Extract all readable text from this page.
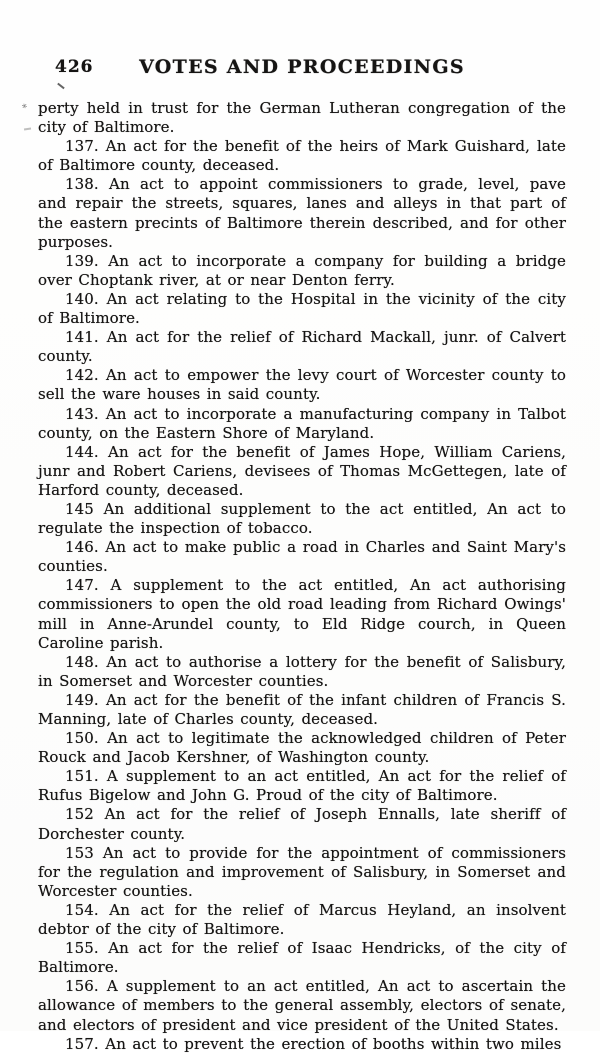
⁎
426	VOTES AND PROCEEDINGS

perty held in trust for the German Lutheran congregation of the city of Baltimore.

137. An act for the benefit of the heirs of Mark Guishard, late of Baltimore county, deceased.

138. An act to appoint commissioners to grade, level, pave and repair the streets, squares, lanes and alleys in that part of the eastern precints of Baltimore therein described, and for other purposes.

139. An act to incorporate a company for building a bridge over Choptank river, at or near Denton ferry.

140. An act relating to the Hospital in the vicinity of the city of Baltimore.

141. An act for the relief of Richard Mackall, junr. of Calvert county.

142. An act to empower the levy court of Worcester county to sell the ware houses in said county.

143. An act to incorporate a manufacturing company in Talbot county, on the Eastern Shore of Maryland.

144. An act for the benefit of James Hope, William Cariens, junr and Robert Cariens, devisees of Thomas McGettegen, late of Harford county, deceased.

145 An additional supplement to the act entitled, An act to regulate the inspection of tobacco.

146. An act to make public a road in Charles and Saint Mary's counties.

147. A supplement to the act entitled, An act authorising commissioners to open the old road leading from Richard Owings' mill in Anne-Arundel county, to Eld Ridge courch, in Queen Caroline parish.

148. An act to authorise a lottery for the benefit of Salisbury, in Somerset and Worcester counties.

149. An act for the benefit of the infant children of Francis S. Manning, late of Charles county, deceased.

150. An act to legitimate the acknowledged children of Peter Rouck and Jacob Kershner, of Washington county.

151. A supplement to an act entitled, An act for the relief of Rufus Bigelow and John G. Proud of the city of Baltimore.

152 An act for the relief of Joseph Ennalls, late sheriff of Dorchester county.

153 An act to provide for the appointment of commissioners for the regulation and improvement of Salisbury, in Somerset and Worcester counties.

154. An act for the relief of Marcus Heyland, an insolvent debtor of the city of Baltimore.

155. An act for the relief of Isaac Hendricks, of the city of Baltimore.

156. A supplement to an act entitled, An act to ascertain the allowance of members to the general assembly, electors of senate, and electors of president and vice president of the United States.

157. An act to prevent the erection of booths within two miles
